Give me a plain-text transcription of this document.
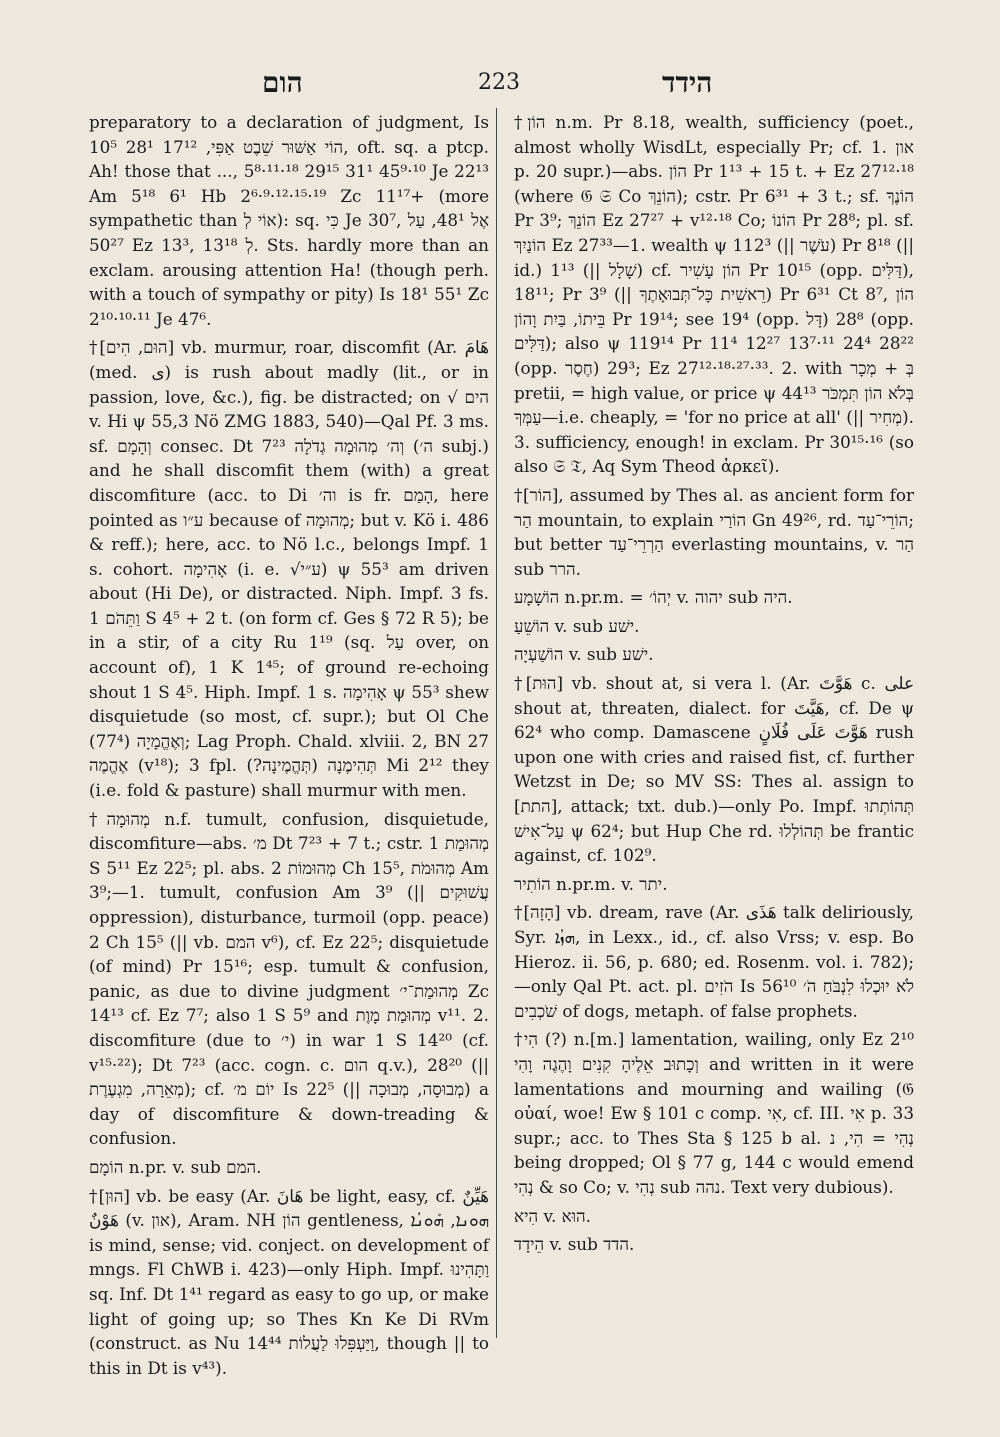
הום	223	הידד

preparatory to a declaration of judgment, Is 10⁵ הוֹי אַשּׁוּר שֵׁבֶט אַפִּי, 17¹² 28¹, oft. sq. a ptcp. Ah! those that ..., 5⁸·¹¹·¹⁸ 29¹⁵ 31¹ 45⁹·¹⁰ Je 22¹³ Am 5¹⁸ 6¹ Hb 2⁶·⁹·¹²·¹⁵·¹⁹ Zc 11¹⁷+ (more sympathetic than אוֹי לְ): sq. כִּי Je 30⁷, אֶל 48¹, עַל 50²⁷ Ez 13³, לְ 13¹⁸. Sts. hardly more than an exclam. arousing attention Ha! (though perh. with a touch of sympathy or pity) Is 18¹ 55¹ Zc 2¹⁰·¹⁰·¹¹ Je 47⁶.

†[הוּם, הִים] vb. murmur, roar, discomfit (Ar. هَامَ (med. ى) is rush about madly (lit., or in passion, love, &c.), fig. be distracted; on √ הים v. Hi ψ 55,3 Nö ZMG 1883, 540)—Qal Pf. 3 ms. sf. וְהָמָם consec. Dt 7²³ וְה׳ מְהוּמָה גְדֹלָה (ה׳ subj.) and he shall discomfit them (with) a great discomfiture (acc. to Di וה׳ is fr. הָמַם, here pointed as ע״ו because of מְהוּמָה; but v. Kö i. 486 & reff.); here, acc. to Nö l.c., belongs Impf. 1 s. cohort. אָהִימָה (i. e. √ע״י) ψ 55³ am driven about (Hi De), or distracted. Niph. Impf. 3 fs. וַתֵּהֹם 1 S 4⁵ + 2 t. (on form cf. Ges § 72 R 5); be in a stir, of a city Ru 1¹⁹ (sq. עַל over, on account of), 1 K 1⁴⁵; of ground re-echoing shout 1 S 4⁵. Hiph. Impf. 1 s. אָהִימָה ψ 55³ shew disquietude (so most, cf. supr.); but Ol Che וְאֶהֱמָיָה (77⁴); Lag Proph. Chald. xlviii. 2, BN 27 אֶהֱמֶה (v¹⁸); 3 fpl. תְּהִימֶנָה (תְּהֱמֶינָה?) Mi 2¹² they (i.e. fold & pasture) shall murmur with men.

†מְהוּמָה n.f. tumult, confusion, disquietude, discomfiture—abs. מ׳ Dt 7²³ + 7 t.; cstr. מְהוּמַת 1 S 5¹¹ Ez 22⁵; pl. abs. מְהוּמוֹת 2 Ch 15⁵, מְהוּמֹת Am 3⁹;—1. tumult, confusion Am 3⁹ (|| עֲשׁוּקִים oppression), disturbance, turmoil (opp. peace) 2 Ch 15⁵ (|| vb. המם v⁶), cf. Ez 22⁵; disquietude (of mind) Pr 15¹⁶; esp. tumult & confusion, panic, as due to divine judgment מְהוּמַת־י׳ Zc 14¹³ cf. Ez 7⁷; also 1 S 5⁹ and מְהוּמַת מָוֶת v¹¹. 2. discomfiture (due to י׳) in war 1 S 14²⁰ (cf. v¹⁵·²²); Dt 7²³ (acc. cogn. c. הום q.v.), 28²⁰ (|| מְאֵרָה, מִגְעֶרֶת); cf. יוֹם מ׳ Is 22⁵ (|| מְבוּסָה, מְבוּכָה) a day of discomfiture & down-treading & confusion.

הוֹמָם n.pr. v. sub המם.

†[הוּן] vb. be easy (Ar. هَانَ be light, easy, cf. هَيِّنٌ هَوْنٌ (v. און), Aram. NH הוֹן gentleness, ܗܘܢܐ, ܗܰܘܢܳܐ is mind, sense; vid. conject. on development of mngs. Fl ChWB i. 423)—only Hiph. Impf. וַתָּהִינוּ sq. Inf. Dt 1⁴¹ regard as easy to go up, or make light of going up; so Thes Kn Ke Di RVm (construct. as Nu 14⁴⁴ וַיַּעְפִּלוּ לַעֲלוֹת, though || to this in Dt is v⁴³).

†הוֹן n.m. Pr 8.18, wealth, sufficiency (poet., almost wholly WisdLt, especially Pr; cf. 1. און p. 20 supr.)—abs. הוֹן Pr 1¹³ + 15 t. + Ez 27¹²·¹⁸ (where 𝔊 𝔖 Co הוֹנֵךְ); cstr. Pr 6³¹ + 3 t.; sf. הוֹנֶךָ Pr 3⁹; הוֹנֵךְ Ez 27²⁷ + v¹²·¹⁸ Co; הוֹנוֹ Pr 28⁸; pl. sf. הוֹנַיִךְ Ez 27³³—1. wealth ψ 112³ (|| עֹשֶׁר) Pr 8¹⁸ (|| id.) 1¹³ (|| שָׁלָל) cf. הוֹן עָשִׁיר Pr 10¹⁵ (opp. דַּלִּים), 18¹¹; Pr 3⁹ (|| רֵאשִׁית כָּל־תְּבוּאָתֶךָ) Pr 6³¹ Ct 8⁷, הוֹן בֵּיתוֹ, בַּיִת וָהוֹן Pr 19¹⁴; see 19⁴ (opp. דָּל) 28⁸ (opp. דַּלִּים); also ψ 119¹⁴ Pr 11⁴ 12²⁷ 13⁷·¹¹ 24⁴ 28²² (opp. חֶסֶר) 29³; Ez 27¹²·¹⁸·²⁷·³³. 2. with בְּ + מְכָר pretii, = high value, or price ψ 44¹³ בְּלֹא הוֹן תִּמְכֹּר עַמְּךָ—i.e. cheaply, = 'for no price at all' (|| מְחִיר). 3. sufficiency, enough! in exclam. Pr 30¹⁵·¹⁶ (so also 𝔖 𝔗, Aq Sym Theod ἀρκεῖ).

†[הוֹר], assumed by Thes al. as ancient form for הַר mountain, to explain הוֹרַי Gn 49²⁶, rd. הוֹרֵי־עַד; but better הַרְרֵי־עַד everlasting mountains, v. הַר sub הרר.

הוֹשָׁמָע n.pr.m. = יְהוֹ׳ v. יהוה sub היה.

הוֹשֵׁעַ v. sub ישׁע.

הוֹשַׁעְיָה v. sub ישׁע.

†[הוּת] vb. shout at, si vera l. (Ar. هَوَّتَ c. على shout at, threaten, dialect. for هَيَّتَ, cf. De ψ 62⁴ who comp. Damascene هَوَّتَ عَلَى فُلَانٍ rush upon one with cries and raised fist, cf. further Wetzst in De; so MV SS: Thes al. assign to [התת], attack; txt. dub.)—only Po. Impf. תְּהוֹתְתוּ עַל־אִישׁ ψ 62⁴; but Hup Che rd. תְּהוֹלְלוּ be frantic against, cf. 102⁹.

הוֹתִיר n.pr.m. v. יתר.

†[הָזָה] vb. dream, rave (Ar. هَذَى talk deliriously, Syr. ܗܙܳܐ, in Lexx., id., cf. also Vrss; v. esp. Bo Hieroz. ii. 56, p. 680; ed. Rosenm. vol. i. 782); —only Qal Pt. act. pl. הֹזִים Is 56¹⁰ לֹא יוּכְלוּ לִנְבֹּחַ הֹ׳ שֹׁכְבִים of dogs, metaph. of false prophets.

†הִי (?) n.[m.] lamentation, wailing, only Ez 2¹⁰ וְכָתוּב אֵלֶיהָ קִנִים וָהֶגֶה וָהִי and written in it were lamentations and mourning and wailing (𝔊 οὐαί, woe! Ew § 101 c comp. אִי, cf. III. אִי p. 33 supr.; acc. to Thes Sta § 125 b al. נְהִי = הִי, נ being dropped; Ol § 77 g, 144 c would emend נְהִי & so Co; v. נְהִי sub נהה. Text very dubious).

הִיא v. הוּא.

הֵידָד v. sub הדד.
